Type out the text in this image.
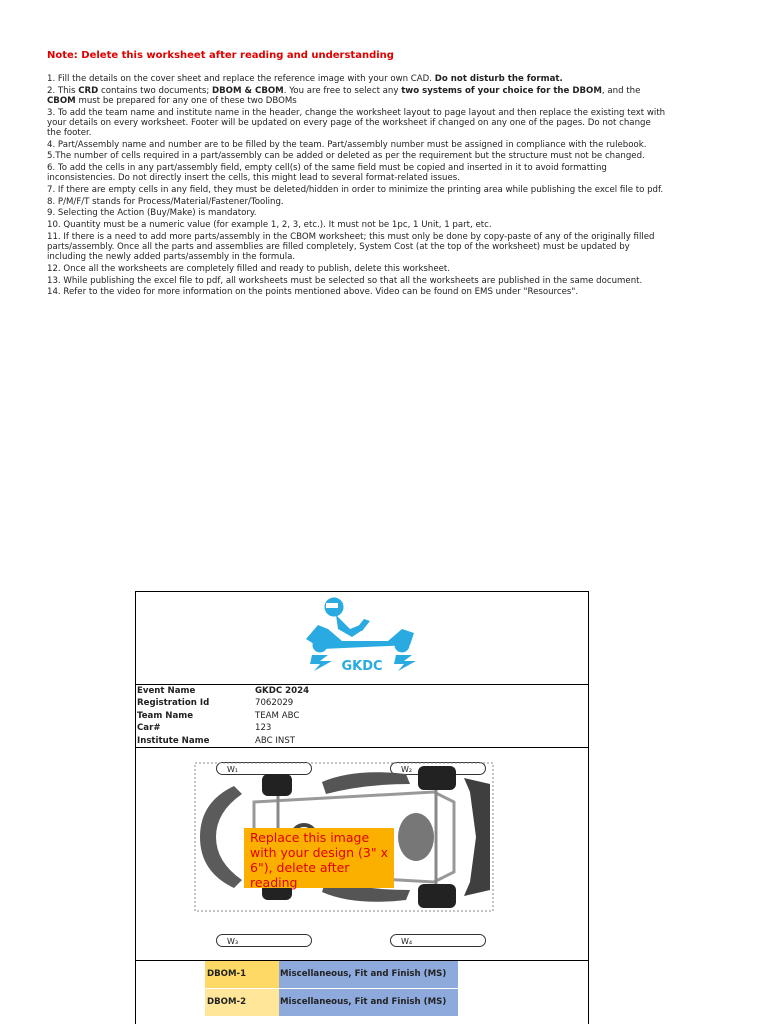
Note: Delete this worksheet after reading and understanding

1. Fill the details on the cover sheet and replace the reference image with your own CAD. Do not disturb the format.

2. This CRD contains two documents; DBOM & CBOM. You are free to select any two systems of your choice for the DBOM, and the CBOM must be prepared for any one of these two DBOMs

3. To add the team name and institute name in the header, change the worksheet layout to page layout and then replace the existing text with your details on every worksheet. Footer will be updated on every page of the worksheet if changed on any one of the pages. Do not change the footer.

4. Part/Assembly name and number are to be filled by the team. Part/assembly number must be assigned in compliance with the rulebook.

5.The number of cells required in a part/assembly can be added or deleted as per the requirement but the structure must not be changed.

6. To add the cells in any part/assembly field, empty cell(s) of the same field must be copied and inserted in it to avoid formatting inconsistencies. Do not directly insert the cells, this might lead to several format-related issues.

7. If there are empty cells in any field, they must be deleted/hidden in order to minimize the printing area while publishing the excel file to pdf.

8. P/M/F/T stands for Process/Material/Fastener/Tooling.

9. Selecting the Action (Buy/Make) is mandatory.

10. Quantity must be a numeric value (for example 1, 2, 3, etc.). It must not be 1pc, 1 Unit, 1 part, etc.

11. If there is a need to add more parts/assembly in the CBOM worksheet; this must only be done by copy-paste of any of the originally filled parts/assembly. Once all the parts and assemblies are filled completely, System Cost (at the top of the worksheet) must be updated by including the newly added parts/assembly in the formula.

12. Once all the worksheets are completely filled and ready to publish, delete this worksheet.

13. While publishing the excel file to pdf, all worksheets must be selected so that all the worksheets are published in the same document.

14. Refer to the video for more information on the points mentioned above. Video can be found on EMS under "Resources".

GKDC
Event Name	GKDC 2024
Registration Id	7062029
Team Name	TEAM ABC
Car#	123
Institute Name	ABC INST
W₁	W₂
W₃	W₄
Replace this image with your design (3" x 6"), delete after reading
DBOM-1	Miscellaneous, Fit and Finish (MS)
DBOM-2	Miscellaneous, Fit and Finish (MS)
